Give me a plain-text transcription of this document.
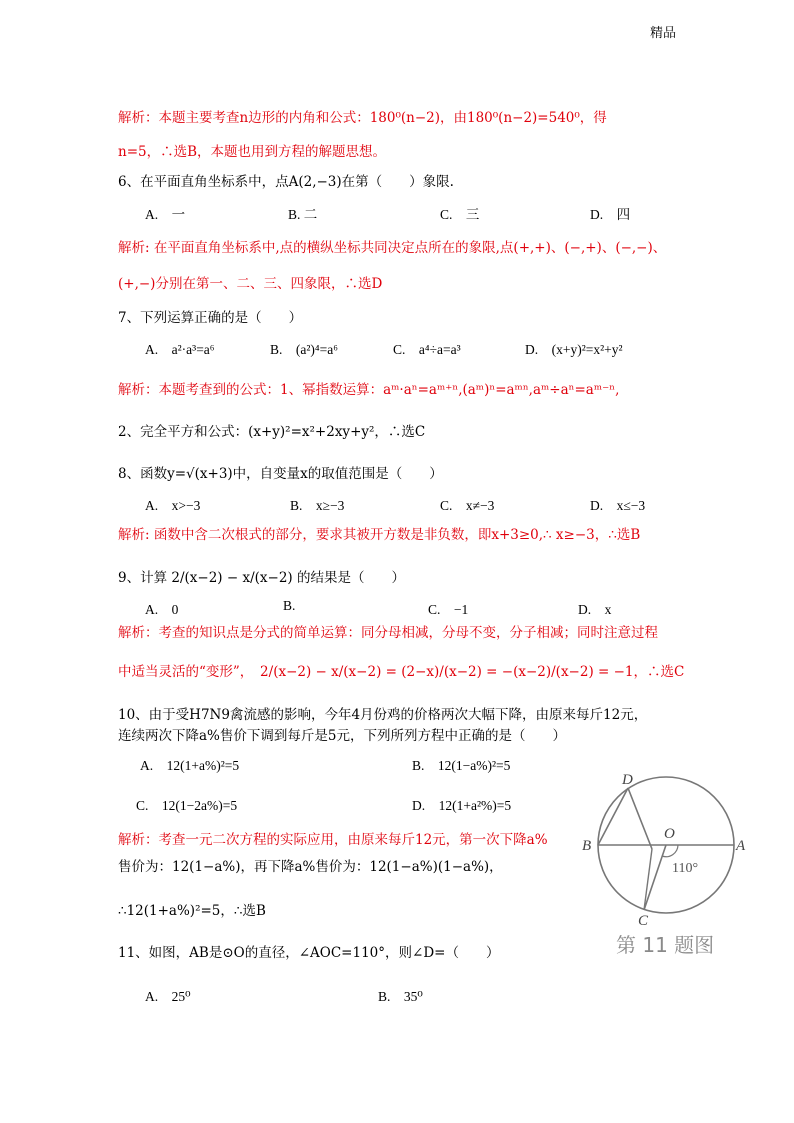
精品
解析：本题主要考查n边形的内角和公式：180⁰(n−2)，由180⁰(n−2)=540⁰，得
n=5，∴选B，本题也用到方程的解题思想。
6、在平面直角坐标系中，点A(2,−3)在第（　　）象限.
A.　一	B. 二	C.　三	D.　四
解析: 在平面直角坐标系中,点的横纵坐标共同决定点所在的象限,点(+,+)、(−,+)、(−,−)、
(+,−)分别在第一、二、三、四象限，∴选D
7、下列运算正确的是（　　）
A.　a²·a³=a⁶	B.　(a²)⁴=a⁶	C.　a⁴÷a=a³	D.　(x+y)²=x²+y²
解析：本题考查到的公式：1、幂指数运算：aᵐ·aⁿ=aᵐ⁺ⁿ,(aᵐ)ⁿ=aᵐⁿ,aᵐ÷aⁿ=aᵐ⁻ⁿ,
2、完全平方和公式：(x+y)²=x²+2xy+y²，∴选C
8、函数y=√(x+3)中，自变量x的取值范围是（　　）
A.　x>−3	B.　x≥−3	C.　x≠−3	D.　x≤−3
解析: 函数中含二次根式的部分，要求其被开方数是非负数，即x+3≥0,∴ x≥−3，∴选B
9、计算 2/(x−2) − x/(x−2) 的结果是（　　）
A.　0	B.	C.　−1	D.　x
解析：考查的知识点是分式的简单运算：同分母相减，分母不变，分子相减；同时注意过程
中适当灵活的“变形”，　2/(x−2) − x/(x−2) = (2−x)/(x−2) = −(x−2)/(x−2) = −1，∴选C
10、由于受H7N9禽流感的影响，今年4月份鸡的价格两次大幅下降，由原来每斤12元，
连续两次下降a%售价下调到每斤是5元，下列所列方程中正确的是（　　）
A.　12(1+a%)²=5	B.　12(1−a%)²=5
C.　12(1−2a%)=5	D.　12(1+a²%)=5
解析：考查一元二次方程的实际应用，由原来每斤12元，第一次下降a%
售价为：12(1−a%)，再下降a%售价为：12(1−a%)(1−a%)，
∴12(1+a%)²=5，∴选B
11、如图，AB是⊙O的直径，∠AOC=110°，则∠D=（　　）
A.　25⁰	B.　35⁰
D
O
B	A
C
110°
第 11 题图
